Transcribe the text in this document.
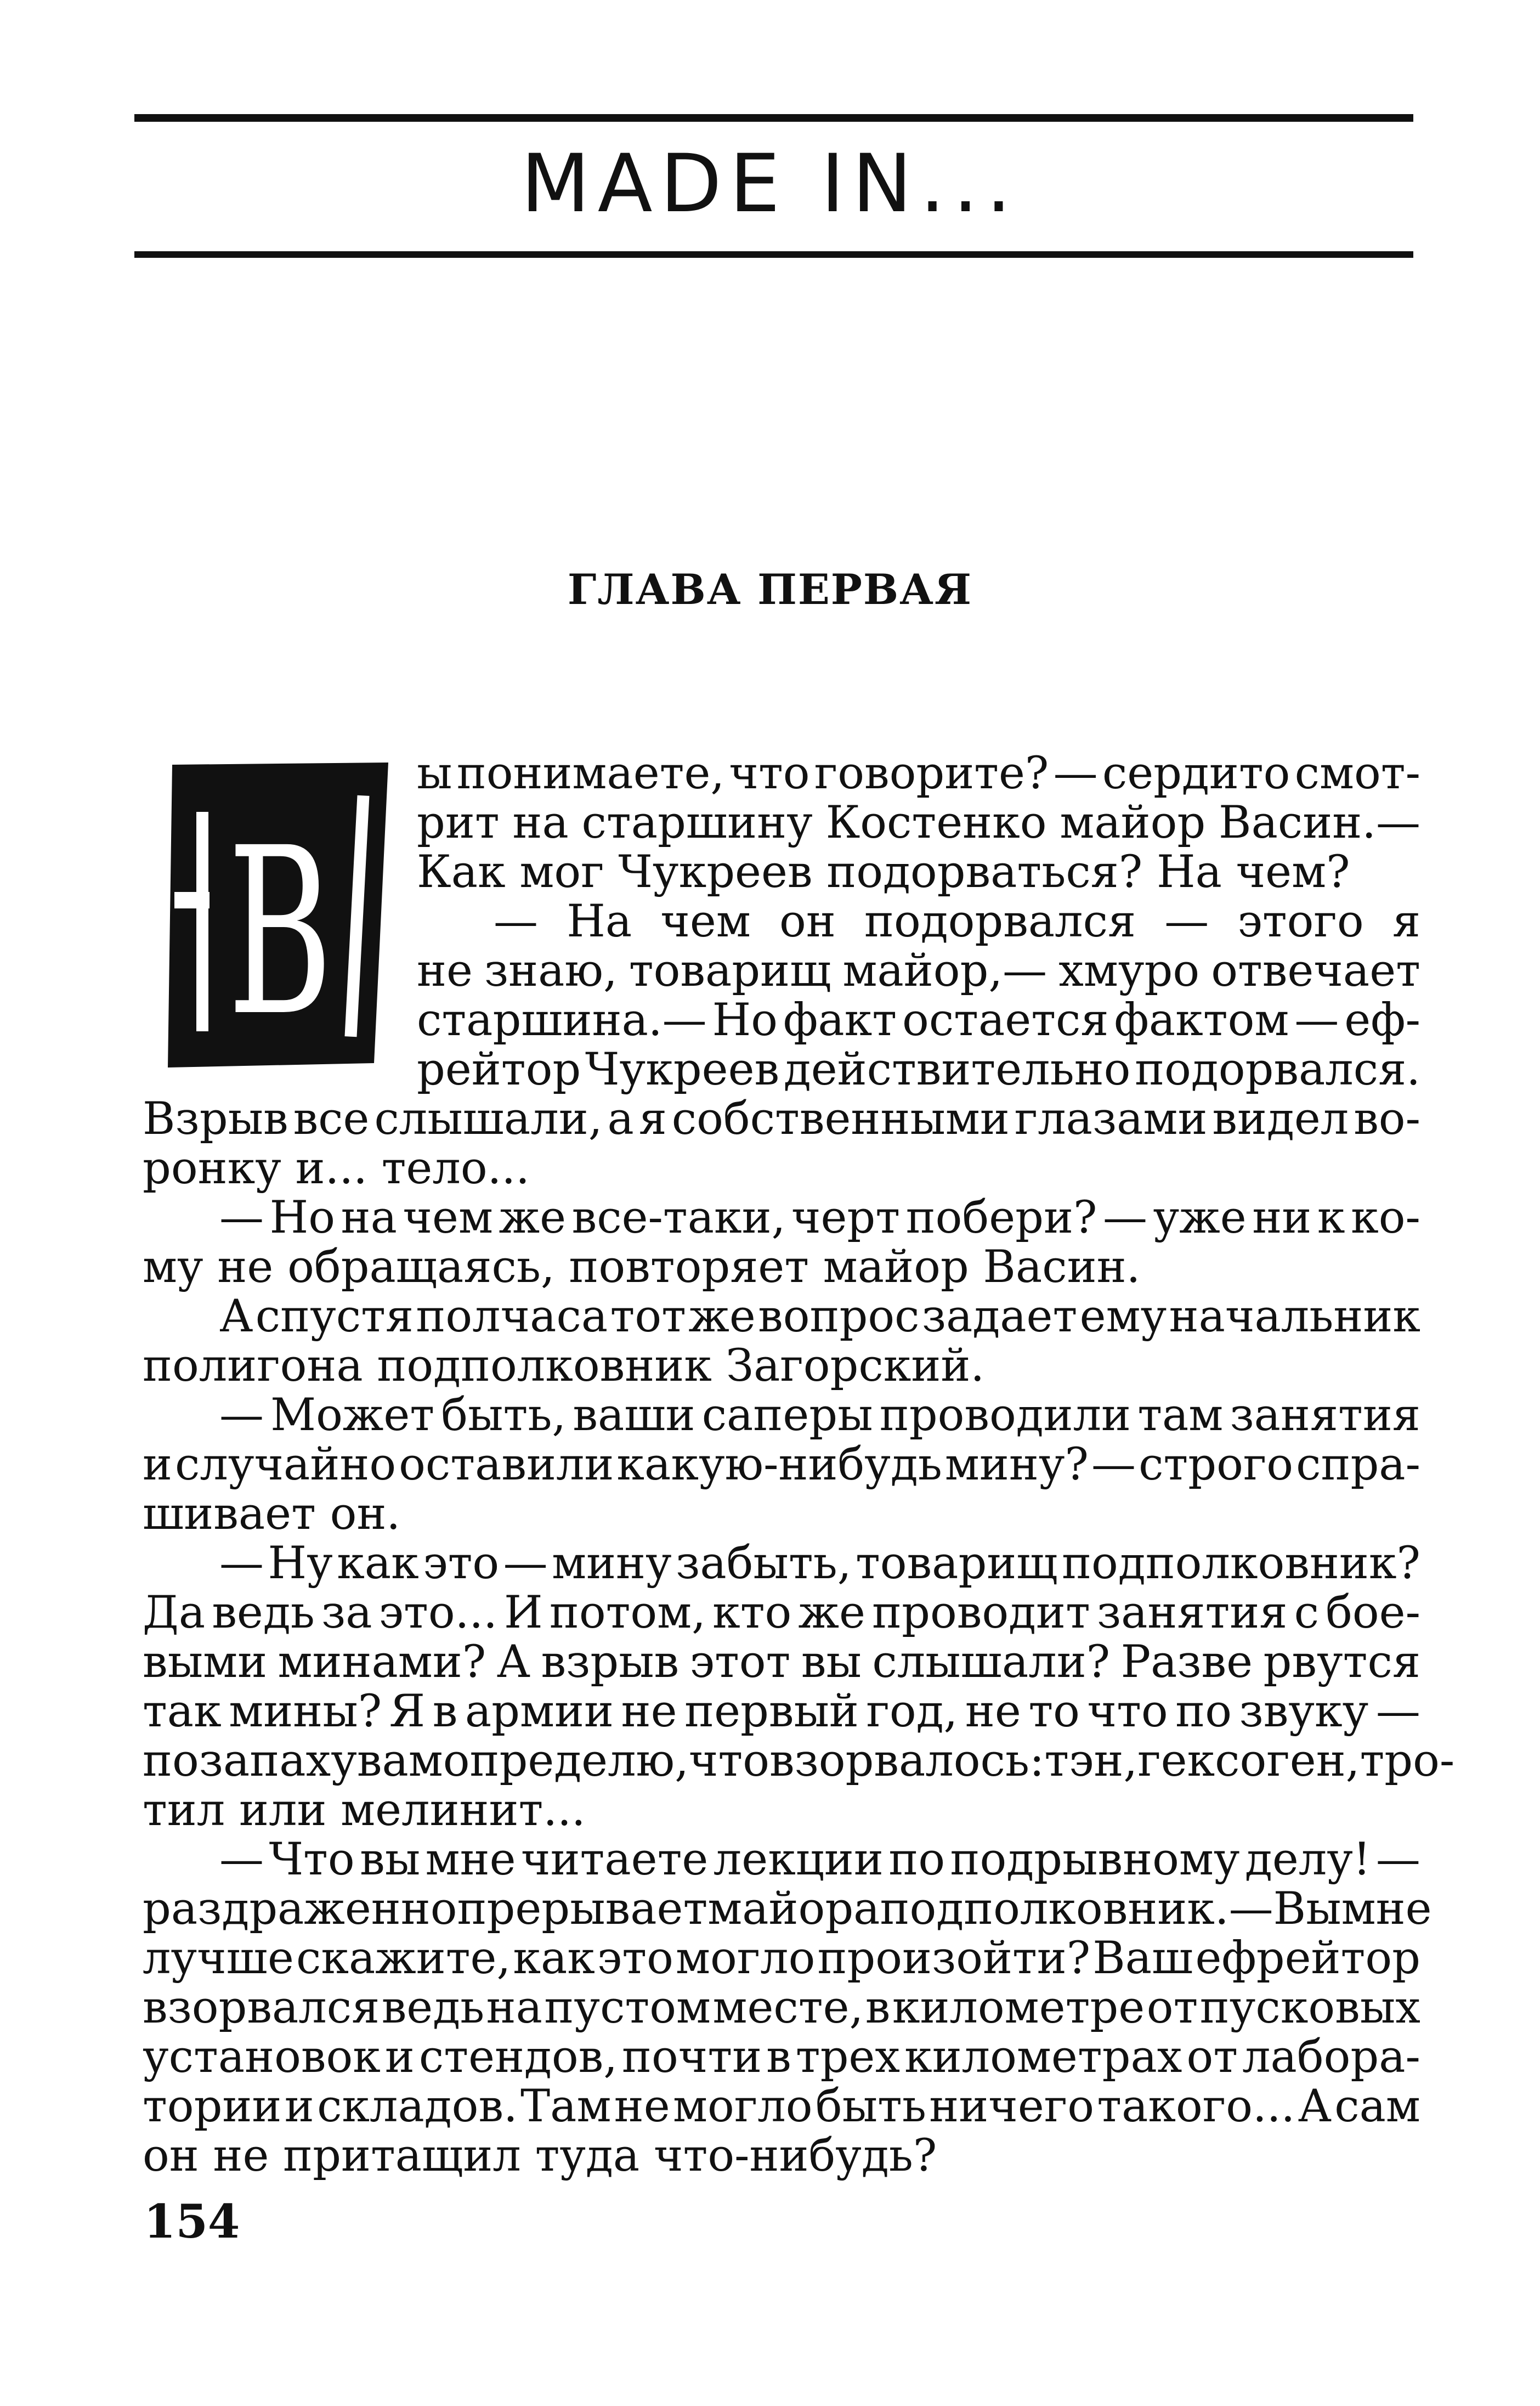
MADE IN...
ГЛАВА ПЕРВАЯ
В
ы понимаете, что говорите? — сердито смот-
рит на старшину Костенко майор Васин.—
Как мог Чукреев подорваться? На чем?
— На чем он подорвался — этого я
не знаю, товарищ майор,— хмуро отвечает
старшина.— Но факт остается фактом — еф-
рейтор Чукреев действительно подорвался.
Взрыв все слышали, а я собственными глазами видел во-
ронку и... тело...
— Но на чем же все-таки, черт побери? — уже ни к ко-
му не обращаясь, повторяет майор Васин.
А спустя полчаса тот же вопрос задает ему начальник
полигона подполковник Загорский.
— Может быть, ваши саперы проводили там занятия
и случайно оставили какую-нибудь мину? — строго спра-
шивает он.
— Ну как это — мину забыть, товарищ подполковник?
Да ведь за это... И потом, кто же проводит занятия с бое-
выми минами? А взрыв этот вы слышали? Разве рвутся
так мины? Я в армии не первый год, не то что по звуку —
по запаху вам определю, что взорвалось: тэн, гексоген, тро-
тил или мелинит...
— Что вы мне читаете лекции по подрывному делу! —
раздраженно прерывает майора подполковник.— Вы мне
лучше скажите, как это могло произойти? Ваш ефрейтор
взорвался ведь на пустом месте, в километре от пусковых
установок и стендов, почти в трех километрах от лабора-
тории и складов. Там не могло быть ничего такого... А сам
он не притащил туда что-нибудь?
154
